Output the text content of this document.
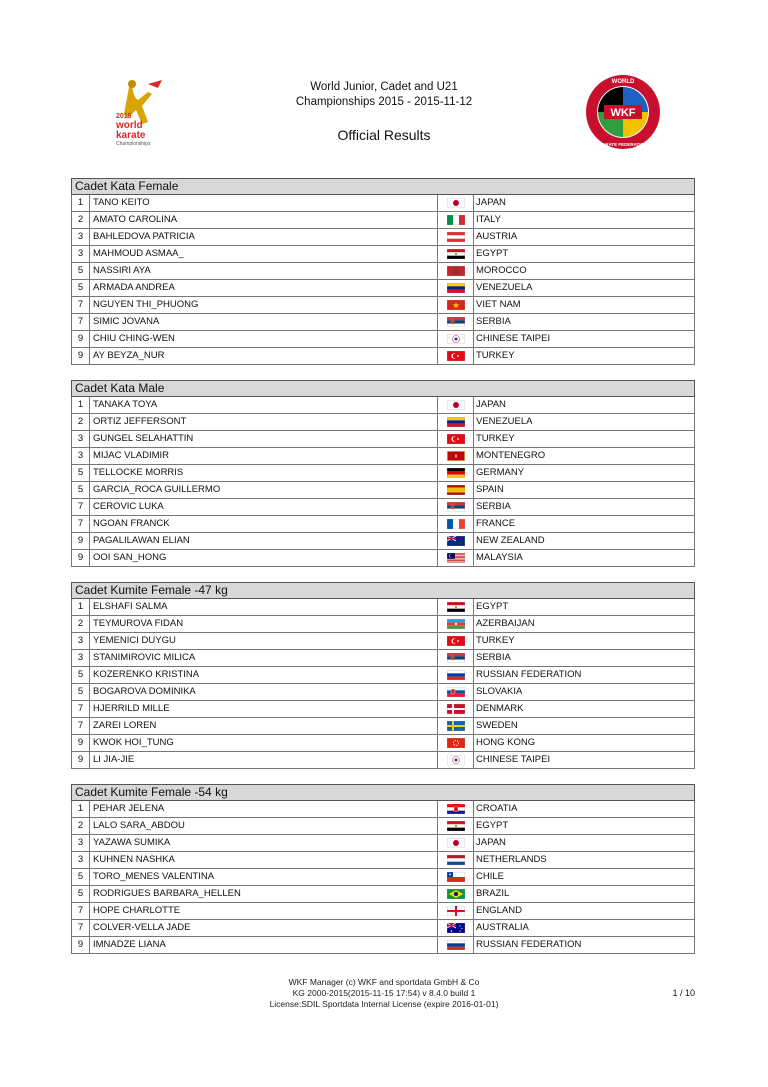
2015
world
karate
Championships
World Junior, Cadet and U21
Championships 2015 - 2015-11-12
Official Results
WKF
WORLD
KARATE FEDERATION
Cadet Kata Female
1	TANO KEITO	JAPAN
2	AMATO CAROLINA	ITALY
3	BAHLEDOVA PATRICIA	AUSTRIA
3	MAHMOUD ASMAA_	EGYPT
5	NASSIRI AYA	MOROCCO
5	ARMADA ANDREA	VENEZUELA
7	NGUYEN THI_PHUONG	VIET NAM
7	SIMIC JOVANA	SERBIA
9	CHIU CHING-WEN	CHINESE TAIPEI
9	AY BEYZA_NUR	TURKEY
Cadet Kata Male
1	TANAKA TOYA	JAPAN
2	ORTIZ JEFFERSONT	VENEZUELA
3	GUNGEL SELAHATTIN	TURKEY
3	MIJAC VLADIMIR	MONTENEGRO
5	TELLOCKE MORRIS	GERMANY
5	GARCIA_ROCA GUILLERMO	SPAIN
7	CEROVIC LUKA	SERBIA
7	NGOAN FRANCK	FRANCE
9	PAGALILAWAN ELIAN	NEW ZEALAND
9	OOI SAN_HONG	MALAYSIA
Cadet Kumite Female -47 kg
1	ELSHAFI SALMA	EGYPT
2	TEYMUROVA FIDAN	AZERBAIJAN
3	YEMENICI DUYGU	TURKEY
3	STANIMIROVIC MILICA	SERBIA
5	KOZERENKO KRISTINA	RUSSIAN FEDERATION
5	BOGAROVA DOMINIKA	SLOVAKIA
7	HJERRILD MILLE	DENMARK
7	ZAREI LOREN	SWEDEN
9	KWOK HOI_TUNG	HONG KONG
9	LI JIA-JIE	CHINESE TAIPEI
Cadet Kumite Female -54 kg
1	PEHAR JELENA	CROATIA
2	LALO SARA_ABDOU	EGYPT
3	YAZAWA SUMIKA	JAPAN
3	KUHNEN NASHKA	NETHERLANDS
5	TORO_MENES VALENTINA	CHILE
5	RODRIGUES BARBARA_HELLEN	BRAZIL
7	HOPE CHARLOTTE	ENGLAND
7	COLVER-VELLA JADE	AUSTRALIA
9	IMNADZE LIANA	RUSSIAN FEDERATION
WKF Manager (c) WKF and sportdata GmbH & Co
KG 2000-2015(2015-11-15 17:54) v 8.4.0 build 1
License:SDIL Sportdata Internal License (expire 2016-01-01)
1 / 10
